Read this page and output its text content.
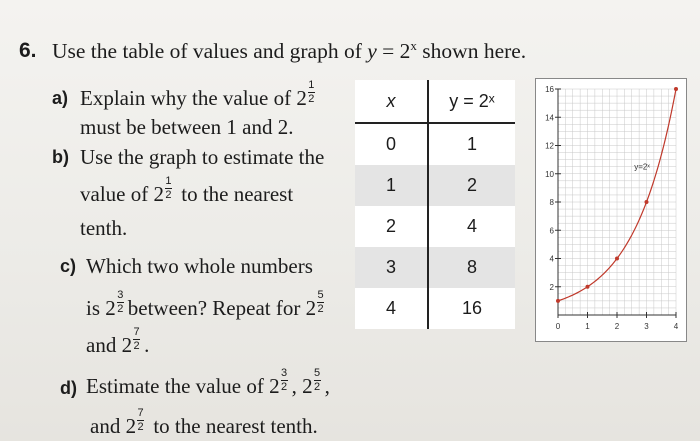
6. Use the table of values and graph of $y = 2^x$ shown here.
a) Explain why the value of 2
1
2
must be between 1 and 2.
b) Use the graph to estimate the
value of 2
1
2 to the nearest
tenth.
c) Which two whole numbers
is 2
3
2 between? Repeat for 2
5
2
and 2
7
2 .
d) Estimate the value of 2
3
2 , 2
5
2 ,
and 2
7
2 to the nearest tenth.
x	y = 2ˣ
0	1
1	2
2	4
3	8
4	16
2
4
6
8
10
12
14
16
0	1	2	3	4
y=2ˣ
